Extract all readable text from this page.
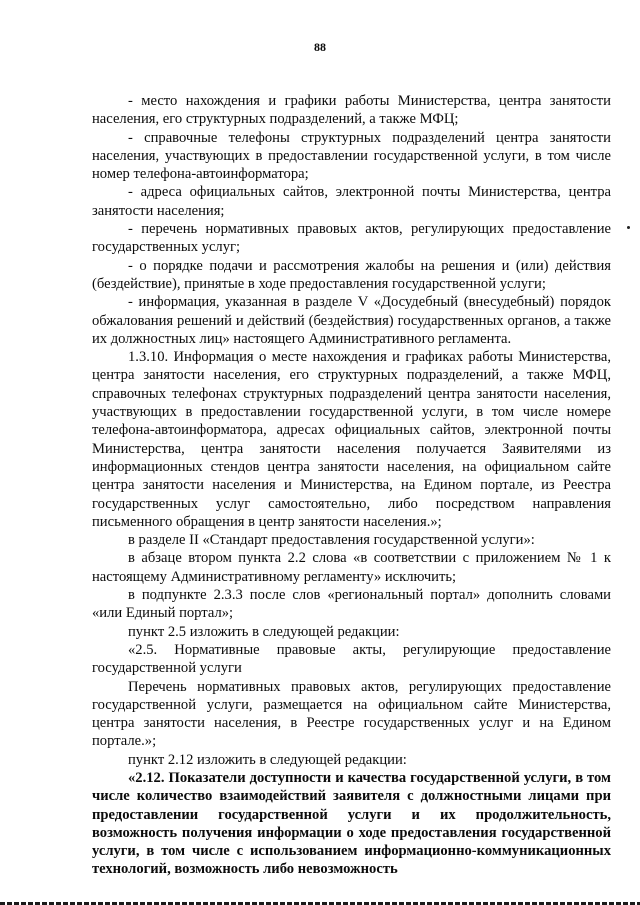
88

- место нахождения и графики работы Министерства, центра занятости населения, его структурных подразделений, а также МФЦ;

- справочные телефоны структурных подразделений центра занятости населения, участвующих в предоставлении государственной услуги, в том числе номер телефона-автоинформатора;

- адреса официальных сайтов, электронной почты Министерства, центра занятости населения;

- перечень нормативных правовых актов, регулирующих предоставление государственных услуг;

- о порядке подачи и рассмотрения жалобы на решения и (или) действия (бездействие), принятые в ходе предоставления государственной услуги;

- информация, указанная в разделе V «Досудебный (внесудебный) порядок обжалования решений и действий (бездействия) государственных органов, а также их должностных лиц» настоящего Административного регламента.

1.3.10. Информация о месте нахождения и графиках работы Министерства, центра занятости населения, его структурных подразделений, а также МФЦ, справочных телефонах структурных подразделений центра занятости населения, участвующих в предоставлении государственной услуги, в том числе номере телефона-автоинформатора, адресах официальных сайтов, электронной почты Министерства, центра занятости населения получается Заявителями из информационных стендов центра занятости населения, на официальном сайте центра занятости населения и Министерства, на Едином портале, из Реестра государственных услуг самостоятельно, либо посредством направления письменного обращения в центр занятости населения.»;

в разделе II «Стандарт предоставления государственной услуги»:

в абзаце втором пункта 2.2 слова «в соответствии с приложением № 1 к настоящему Административному регламенту» исключить;

в подпункте 2.3.3 после слов «региональный портал» дополнить словами «или Единый портал»;

пункт 2.5 изложить в следующей редакции:

«2.5. Нормативные правовые акты, регулирующие предоставление государственной услуги

Перечень нормативных правовых актов, регулирующих предоставление государственной услуги, размещается на официальном сайте Министерства, центра занятости населения, в Реестре государственных услуг и на Едином портале.»;

пункт 2.12 изложить в следующей редакции:

«2.12. Показатели доступности и качества государственной услуги, в том числе количество взаимодействий заявителя с должностными лицами при предоставлении государственной услуги и их продолжительность, возможность получения информации о ходе предоставления государственной услуги, в том числе с использованием информационно-коммуникационных технологий, возможность либо невозможность
